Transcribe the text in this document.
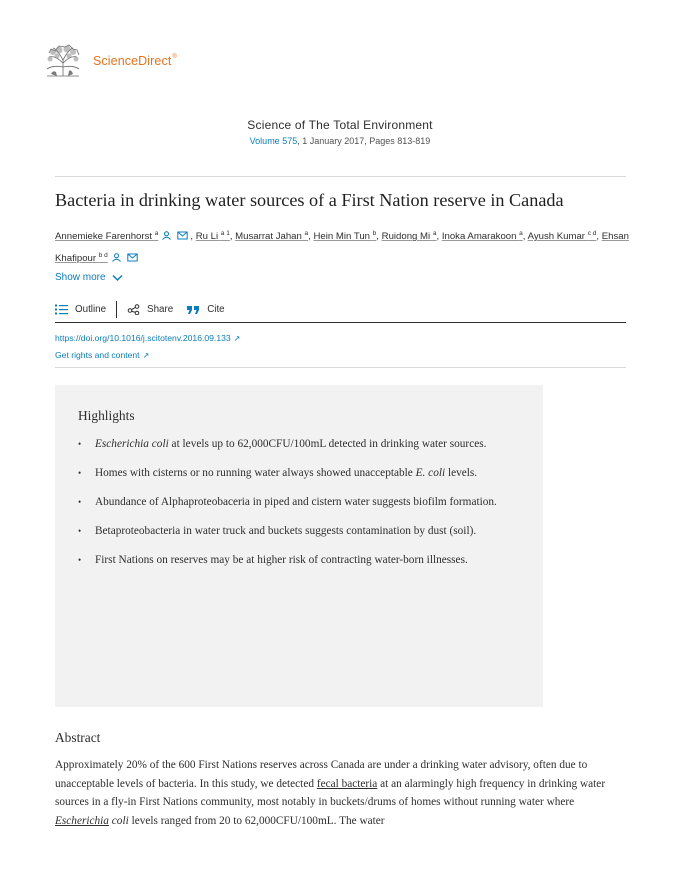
ScienceDirect®
Science of The Total Environment
Volume 575, 1 January 2017, Pages 813-819
Bacteria in drinking water sources of a First Nation reserve in Canada
Annemieke Farenhorst $^a$	, Ru Li $^{a 1}$, Musarrat Jahan $^a$, Hein Min Tun $^b$, Ruidong Mi $^a$, Inoka Amarakoon $^a$, Ayush Kumar $^{c d}$, Ehsan Khafipour $^{b d}$
Show more
Outline	Share	Cite
https://doi.org/10.1016/j.scitotenv.2016.09.133 ↗
Get rights and content ↗
Highlights
• Escherichia coli at levels up to 62,000CFU/100mL detected in drinking water sources.
• Homes with cisterns or no running water always showed unacceptable E. coli levels.
• Abundance of Alphaproteobaceria in piped and cistern water suggests biofilm formation.
• Betaproteobacteria in water truck and buckets suggests contamination by dust (soil).
• First Nations on reserves may be at higher risk of contracting water-born illnesses.
Abstract

Approximately 20% of the 600 First Nations reserves across Canada are under a drinking water advisory, often due to unacceptable levels of bacteria. In this study, we detected fecal bacteria at an alarmingly high frequency in drinking water sources in a fly-in First Nations community, most notably in buckets/drums of homes without running water where Escherichia coli levels ranged from 20 to 62,000CFU/100mL. The water
